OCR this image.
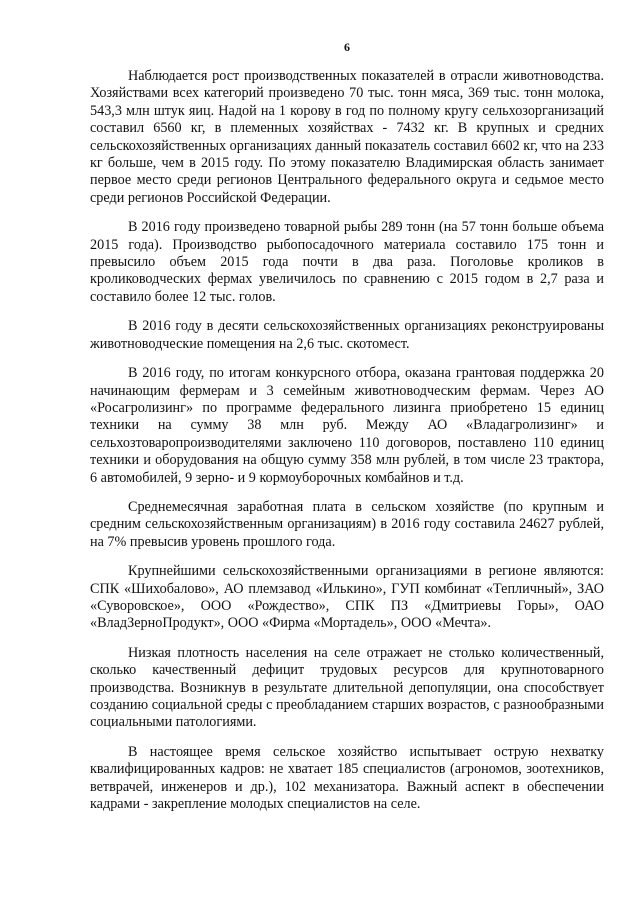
6

Наблюдается рост производственных показателей в отрасли животноводства. Хозяйствами всех категорий произведено 70 тыс. тонн мяса, 369 тыс. тонн молока, 543,3 млн штук яиц. Надой на 1 корову в год по полному кругу сельхозорганизаций составил 6560 кг, в племенных хозяйствах - 7432 кг. В крупных и средних сельскохозяйственных организациях данный показатель составил 6602 кг, что на 233 кг больше, чем в 2015 году. По этому показателю Владимирская область занимает первое место среди регионов Центрального федерального округа и седьмое место среди регионов Российской Федерации.

В 2016 году произведено товарной рыбы 289 тонн (на 57 тонн больше объема 2015 года). Производство рыбопосадочного материала составило 175 тонн и превысило объем 2015 года почти в два раза. Поголовье кроликов в кролиководческих фермах увеличилось по сравнению с 2015 годом в 2,7 раза и составило более 12 тыс. голов.

В 2016 году в десяти сельскохозяйственных организациях реконструированы животноводческие помещения на 2,6 тыс. скотомест.

В 2016 году, по итогам конкурсного отбора, оказана грантовая поддержка 20 начинающим фермерам и 3 семейным животноводческим фермам. Через АО «Росагролизинг» по программе федерального лизинга приобретено 15 единиц техники на сумму 38 млн руб. Между АО «Владагролизинг» и сельхозтоваропроизводителями заключено 110 договоров, поставлено 110 единиц техники и оборудования на общую сумму 358 млн рублей, в том числе 23 трактора, 6 автомобилей, 9 зерно- и 9 кормоуборочных комбайнов и т.д.

Среднемесячная заработная плата в сельском хозяйстве (по крупным и средним сельскохозяйственным организациям) в 2016 году составила 24627 рублей, на 7% превысив уровень прошлого года.

Крупнейшими сельскохозяйственными организациями в регионе являются: СПК «Шихобалово», АО племзавод «Илькино», ГУП комбинат «Тепличный», ЗАО «Суворовское», ООО «Рождество», СПК ПЗ «Дмитриевы Горы», ОАО «ВладЗерноПродукт», ООО «Фирма «Мортадель», ООО «Мечта».

Низкая плотность населения на селе отражает не столько количественный, сколько качественный дефицит трудовых ресурсов для крупнотоварного производства. Возникнув в результате длительной депопуляции, она способствует созданию социальной среды с преобладанием старших возрастов, с разнообразными социальными патологиями.

В настоящее время сельское хозяйство испытывает острую нехватку квалифицированных кадров: не хватает 185 специалистов (агрономов, зоотехников, ветврачей, инженеров и др.), 102 механизатора. Важный аспект в обеспечении кадрами - закрепление молодых специалистов на селе.
